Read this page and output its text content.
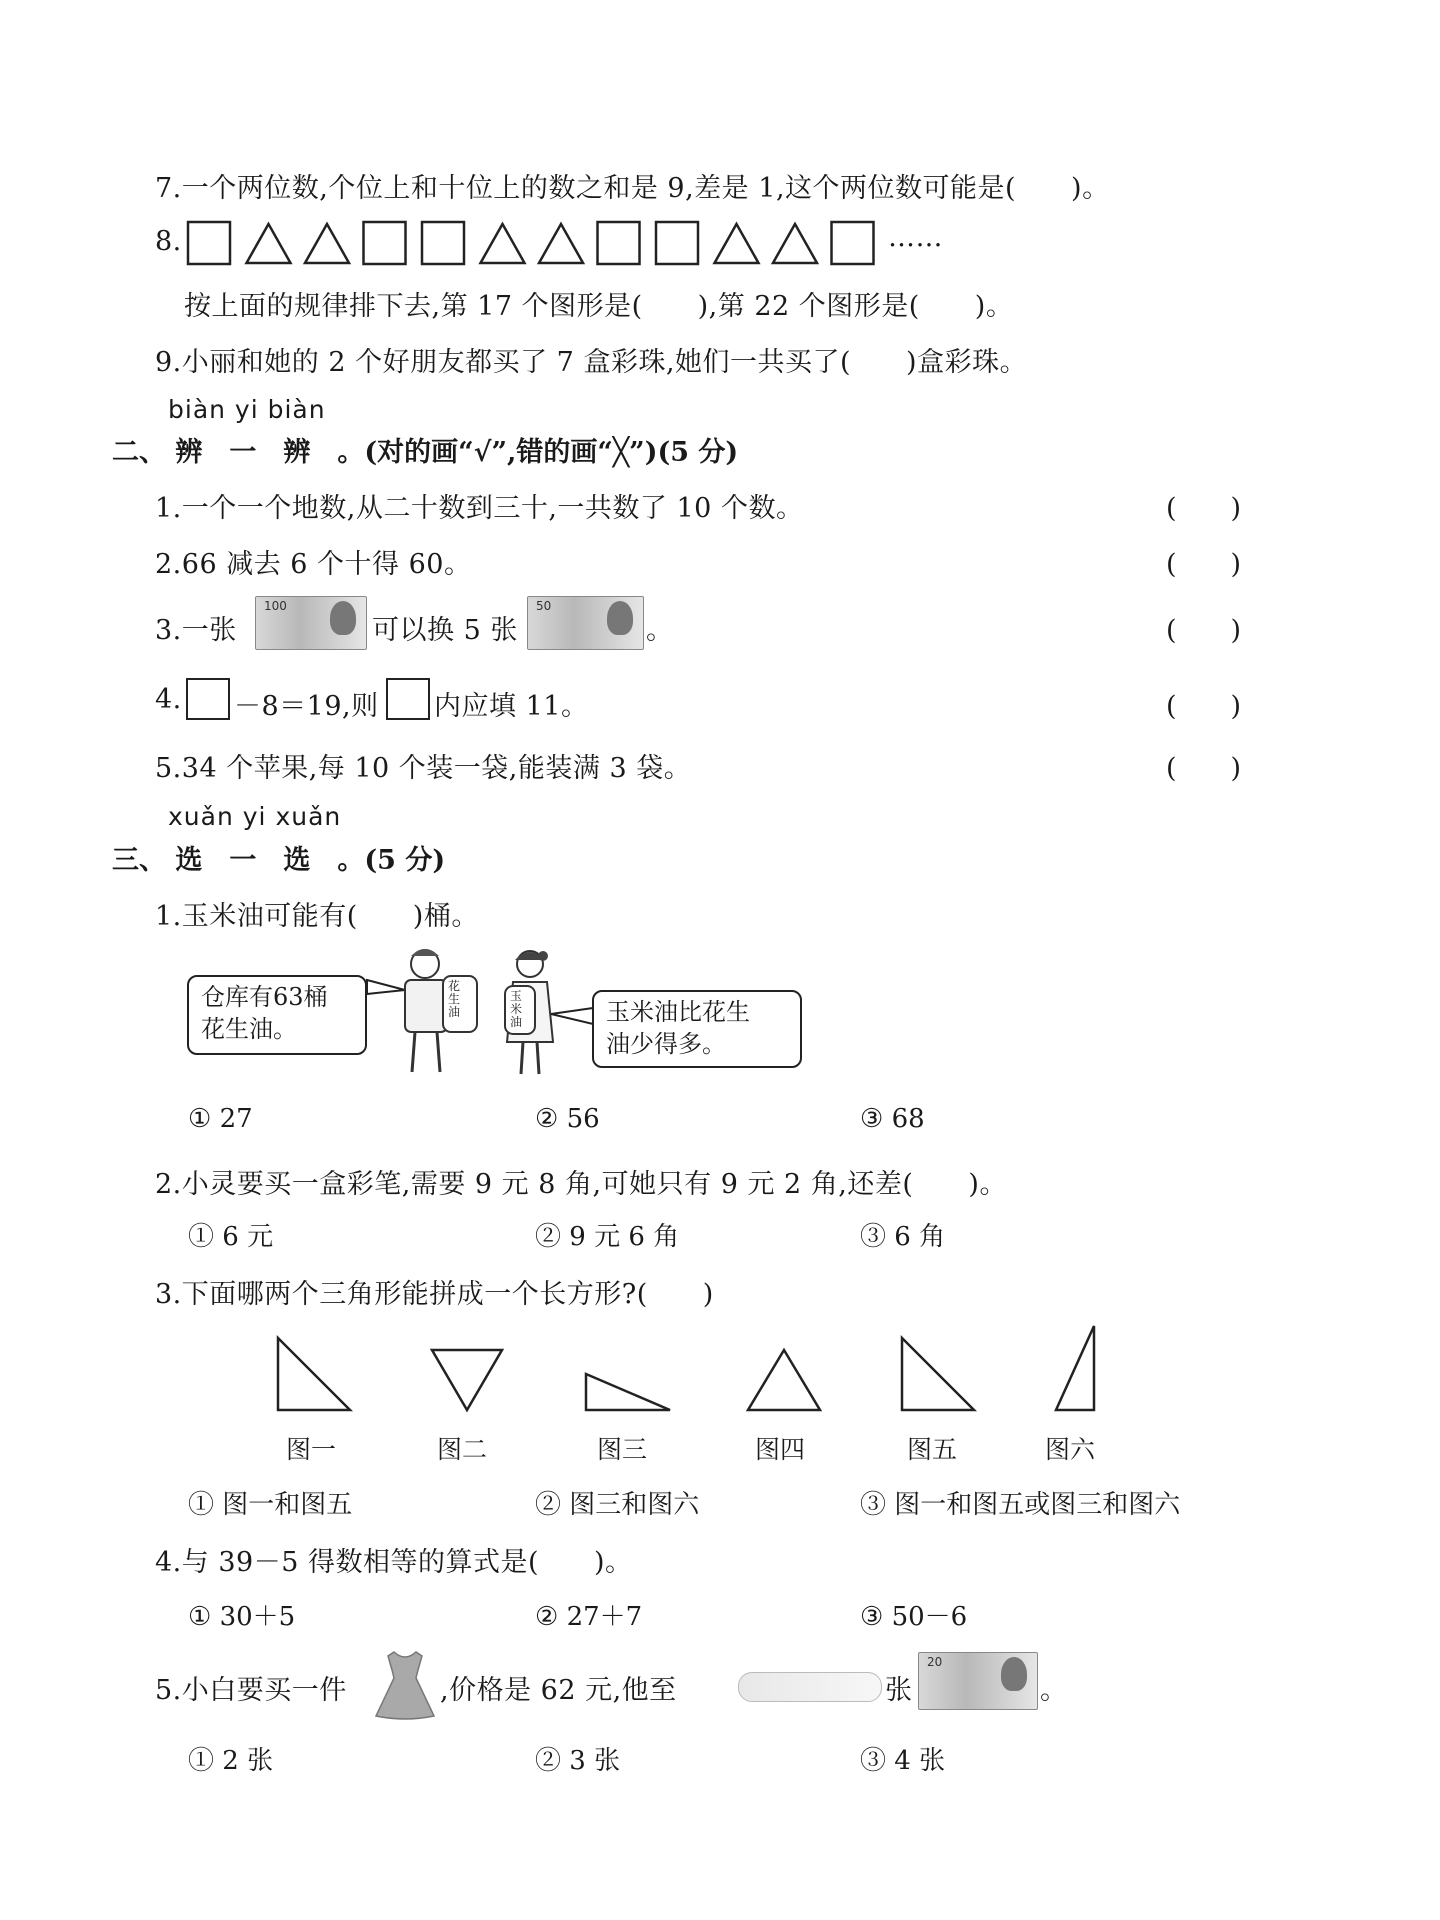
7.一个两位数,个位上和十位上的数之和是 9,差是 1,这个两位数可能是(　　)。
8.	……
按上面的规律排下去,第 17 个图形是(　　),第 22 个图形是(　　)。
9.小丽和她的 2 个好朋友都买了 7 盒彩珠,她们一共买了(　　)盒彩珠。
biàn yi biàn
二、 辨　一　辨　。(对的画“√”,错的画“╳”)(5 分)
1.一个一个地数,从二十数到三十,一共数了 10 个数。	(　　)
2.66 减去 6 个十得 60。	(　　)
3.一张
100
可以换 5 张
50
。	(　　)
4. －8＝19,则 内应填 11。	(　　)
5.34 个苹果,每 10 个装一袋,能装满 3 袋。	(　　)
xuǎn yi xuǎn
三、 选　一　选　。(5 分)
1.玉米油可能有(　　)桶。
仓库有63桶
花生油。
花生油
玉米油	玉米油比花生
油少得多。
① 27	② 56	③ 68
2.小灵要买一盒彩笔,需要 9 元 8 角,可她只有 9 元 2 角,还差(　　)。
① 6 元	② 9 元 6 角	③ 6 角
3.下面哪两个三角形能拼成一个长方形?(　　)
图一	图二	图三	图四	图五	图六
① 图一和图五	② 图三和图六	③ 图一和图五或图三和图六
4.与 39－5 得数相等的算式是(　　)。
① 30＋5	② 27＋7	③ 50－6
5.小白要买一件	,价格是 62 元,他至	张
20
。
① 2 张	② 3 张	③ 4 张
